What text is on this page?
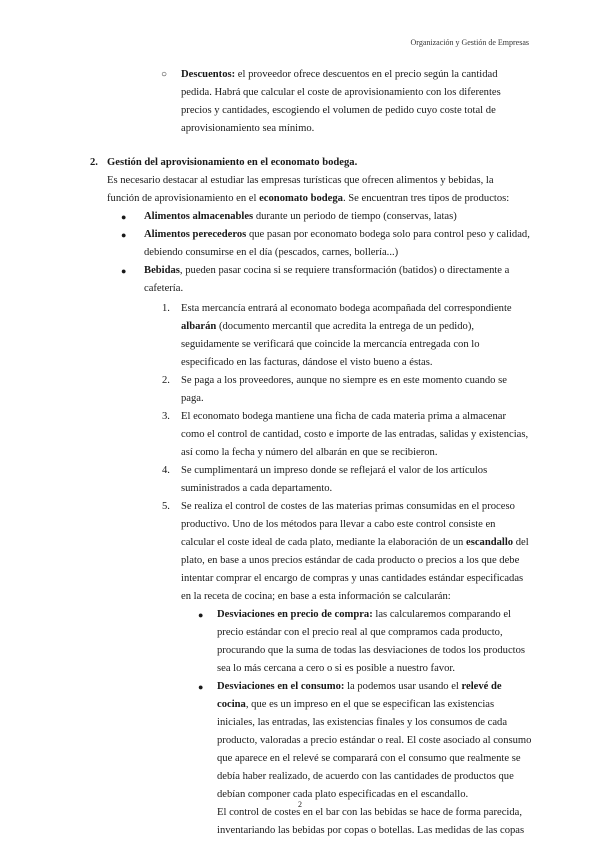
Organización y Gestión de Empresas
○	Descuentos: el proveedor ofrece descuentos en el precio según la cantidad pedida. Habrá que calcular el coste de aprovisionamiento con los diferentes precios y cantidades, escogiendo el volumen de pedido cuyo coste total de aprovisionamiento sea mínimo.
2. Gestión del aprovisionamiento en el economato bodega.
Es necesario destacar al estudiar las empresas turísticas que ofrecen alimentos y bebidas, la función de aprovisionamiento en el economato bodega. Se encuentran tres tipos de productos:
● Alimentos almacenables durante un periodo de tiempo (conservas, latas)
● Alimentos perecederos que pasan por economato bodega solo para control peso y calidad, debiendo consumirse en el día (pescados, carnes, bollería...)
● Bebidas, pueden pasar cocina si se requiere transformación (batidos) o directamente a cafetería.
1. Esta mercancía entrará al economato bodega acompañada del correspondiente albarán (documento mercantil que acredita la entrega de un pedido), seguidamente se verificará que coincide la mercancía entregada con lo especificado en las facturas, dándose el visto bueno a éstas.
2. Se paga a los proveedores, aunque no siempre es en este momento cuando se paga.
3. El economato bodega mantiene una ficha de cada materia prima a almacenar como el control de cantidad, costo e importe de las entradas, salidas y existencias, así como la fecha y número del albarán en que se recibieron.
4. Se cumplimentará un impreso donde se reflejará el valor de los artículos suministrados a cada departamento.
5. Se realiza el control de costes de las materias primas consumidas en el proceso productivo. Uno de los métodos para llevar a cabo este control consiste en calcular el coste ideal de cada plato, mediante la elaboración de un escandallo del plato, en base a unos precios estándar de cada producto o precios a los que debe intentar comprar el encargo de compras y unas cantidades estándar especificadas en la receta de cocina; en base a esta información se calcularán:
● Desviaciones en precio de compra: las calcularemos comparando el precio estándar con el precio real al que compramos cada producto, procurando que la suma de todas las desviaciones de todos los productos sea lo más cercana a cero o si es posible a nuestro favor.
● Desviaciones en el consumo: la podemos usar usando el relevé de cocina, que es un impreso en el que se especifican las existencias iniciales, las entradas, las existencias finales y los consumos de cada producto, valoradas a precio estándar o real. El coste asociado al consumo que aparece en el relevé se comparará con el consumo que realmente se debía haber realizado, de acuerdo con las cantidades de productos que debían componer cada plato especificadas en el escandallo.
El control de costes en el bar con las bebidas se hace de forma parecida, inventariando las bebidas por copas o botellas. Las medidas de las copas
2
